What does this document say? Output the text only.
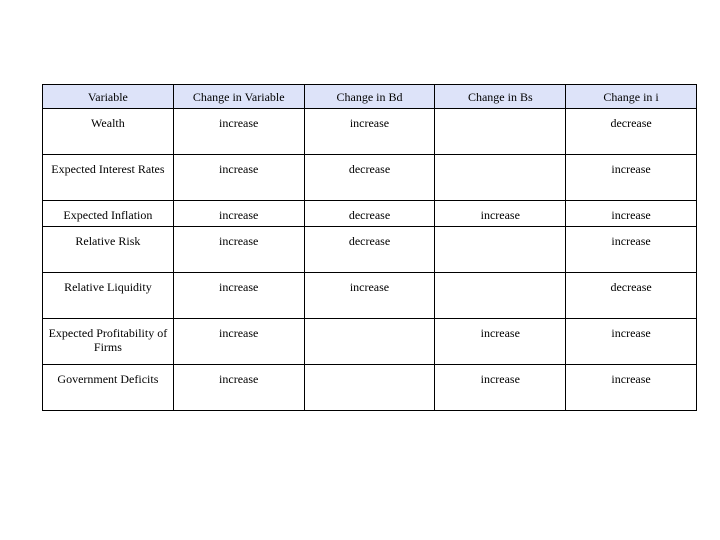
Variable	Change in Variable	Change in Bd	Change in Bs	Change in i
Wealth	increase	increase		decrease
Expected Interest Rates	increase	decrease		increase
Expected Inflation	increase	decrease	increase	increase
Relative Risk	increase	decrease		increase
Relative Liquidity	increase	increase		decrease
Expected Profitability of Firms	increase		increase	increase
Government Deficits	increase		increase	increase
